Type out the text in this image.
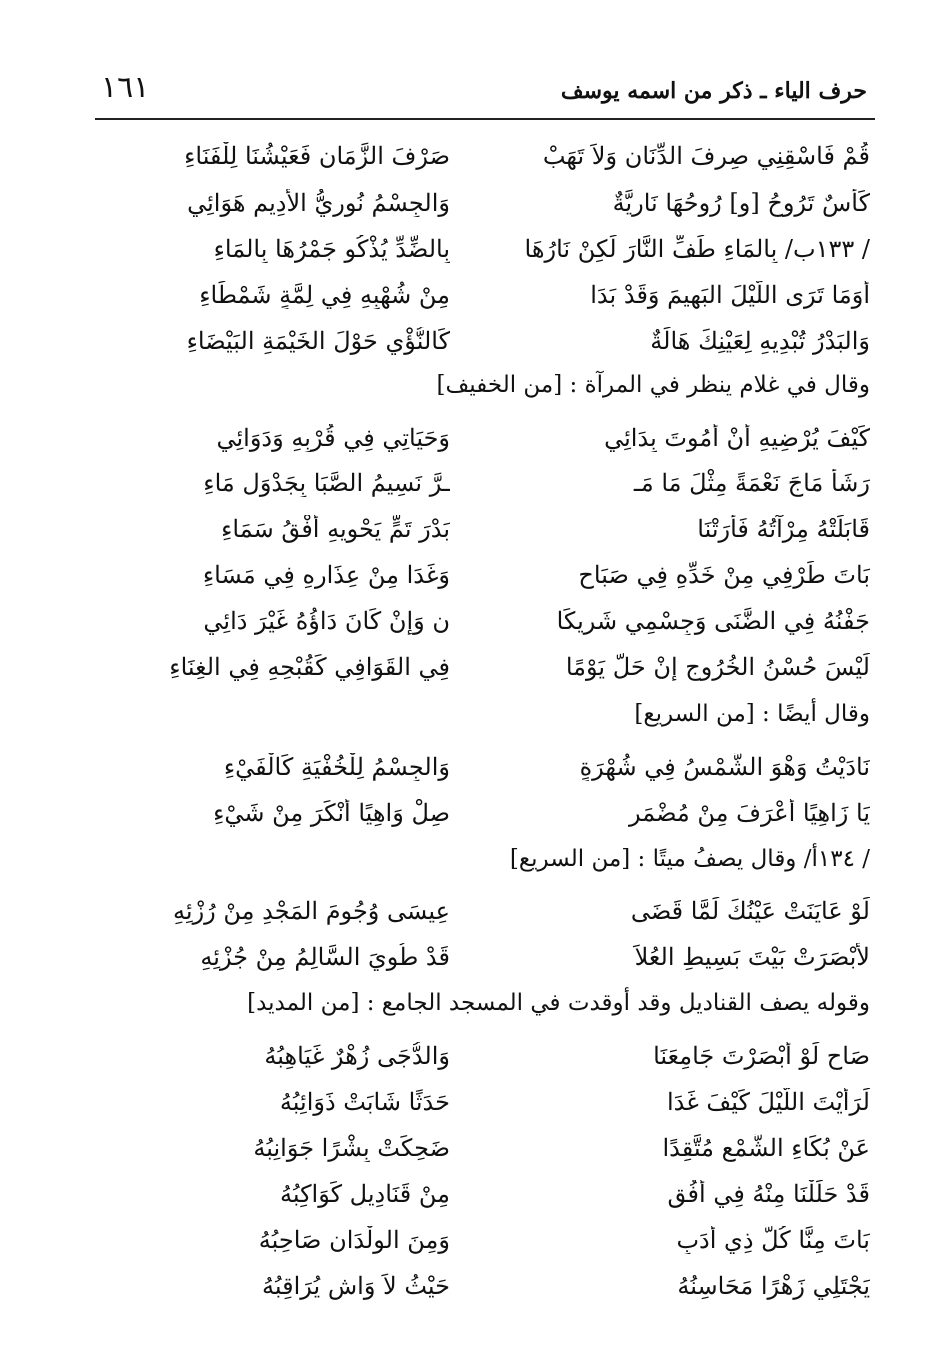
١٦١	حرف الياء ـ ذكر من اسمه يوسف
قُمْ فَاسْقِنِي صِرفَ الدِّنَانِ وَلاَ تَهَبْ
صَرْفَ الزَّمَانِ فَعَيْشُنَا لِلْفَنَاءِ
كَأْسٌ تَرُوحُ [و] رُوحُهَا نَارِيَّةٌ
وَالجِسْمُ نُورِيُّ الأَدِيمِ هَوَائِي
/ ١٣٣ب/ بِالمَاءِ طَفِّ النَّارَ لَكِنْ نَارُهَا
بِالضِّدِّ يُذْكُو جَمْرُهَا بِالمَاءِ
أَوَمَا تَرَى اللَّيْلَ البَهِيمَ وَقَدْ بَدَا
مِنْ شُهْبِهِ فِي لِمَّةٍ شَمْطَاءِ
وَالبَدْرُ تُبْدِيهِ لِعَيْنِكَ هَالَةٌ
كَالنُّؤْيِ حَوْلَ الخَيْمَةِ البَيْضَاءِ
وقال في غلام ينظر في المرآة : [من الخفيف]
كَيْفَ يُرْضِيهِ أَنْ أَمُوتَ بِدَائِي
وَحَيَاتِي فِي قُرْبِهِ وَدَوَائِي
رَشَأٌ مَاجَ نَعْمَةً مِثْلَ مَا مَـ
ـرَّ نَسِيمُ الصَّبَا بِجَدْوَلِ مَاءِ
قَابَلَتْهُ مِرْآتُهُ فَأَرَتْنَا
بَدْرَ تَمٍّ يَحْوِيهِ أُفْقُ سَمَاءِ
بَاتَ طَرْفِي مِنْ خَدِّهِ فِي صَبَاحٍ
وَغَدَا مِنْ عِذَارِهِ فِي مَسَاءِ
جَفْنُهُ فِي الضَّنَى وَجِسْمِي شَرِيكَا
نِ وَإِنْ كَانَ دَاؤُهُ غَيْرَ دَائِي
لَيْسَ حُسْنُ الخُرُوجِ إِنْ حَلَّ يَوْمًا
فِي القَوَافِي كَقُبْحِهِ فِي الغِنَاءِ
وقال أيضًا : [من السريع]
نَادَيْتُ وَهْوَ الشَّمْسُ فِي شُهْرَةٍ
وَالجِسْمُ لِلْخُفْيَةِ كَالْفَيْءِ
يَا زَاهِيًا أَعْرَفَ مِنْ مُضْمَرٍ
صِلْ وَاهِيًا أَنْكَرَ مِنْ شَيْءِ
/ ١٣٤أ/ وقال يصفُ ميتًا : [من السريع]
لَوْ عَايَنَتْ عَيْنُكَ لَمَّا قَضَى
عِيسَى وُجُومَ المَجْدِ مِنْ رُزْئِهِ
لأَبْصَرَتْ بَيْتَ بَسِيطِ العُلاَ
قَدْ طُوِيَ السَّالِمُ مِنْ جُزْئِهِ
وقوله يصف القناديل وقد أوقدت في المسجد الجامع : [من المديد]
صَاحِ لَوْ أَبْصَرْتَ جَامِعَنَا
وَالدُّجَى زُهْرٌ غَيَاهِبُهُ
لَرَأَيْتَ اللَّيْلَ كَيْفَ غَدَا
حَدَثًا شَابَتْ ذَوَائِبُهُ
عَنْ بُكَاءِ الشَّمْعِ مُتَّقِدًا
ضَحِكَتْ بِشْرًا جَوَانِبُهُ
قَدْ حَلَلْنَا مِنْهُ فِي أُفُقٍ
مِنْ قَنَادِيلٍ كَوَاكِبُهُ
بَاتَ مِنَّا كُلُّ ذِي أَدَبٍ
وَمِنَ الوِلْدَانِ صَاحِبُهُ
يَجْتَلِي زَهْرًا مَحَاسِنُهُ
حَيْثُ لاَ وَاشٍ يُرَاقِبُهُ
